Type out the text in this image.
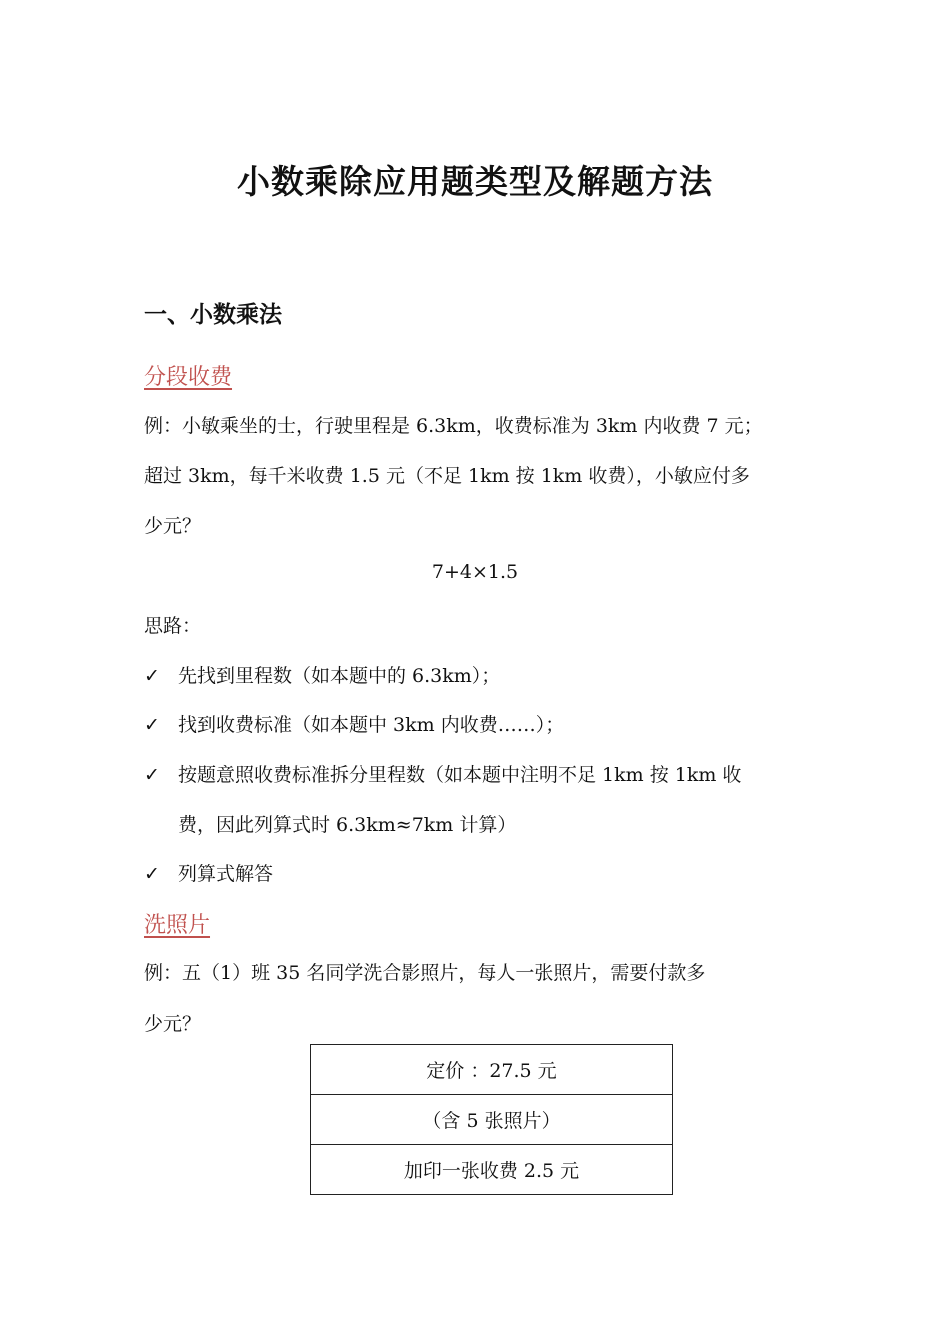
小数乘除应用题类型及解题方法
一、小数乘法
分段收费
例：小敏乘坐的士，行驶里程是 6.3km，收费标准为 3km 内收费 7 元；
超过 3km，每千米收费 1.5 元（不足 1km 按 1km 收费），小敏应付多
少元？
7+4×1.5
思路：
✓ 先找到里程数（如本题中的 6.3km）；
✓ 找到收费标准（如本题中 3km 内收费……）；
✓ 按题意照收费标准拆分里程数（如本题中注明不足 1km 按 1km 收
费，因此列算式时 6.3km≈7km 计算）
✓ 列算式解答
洗照片
例：五（1）班 35 名同学洗合影照片，每人一张照片，需要付款多
少元？
定价 ：27.5 元
（含 5 张照片）
加印一张收费 2.5 元
